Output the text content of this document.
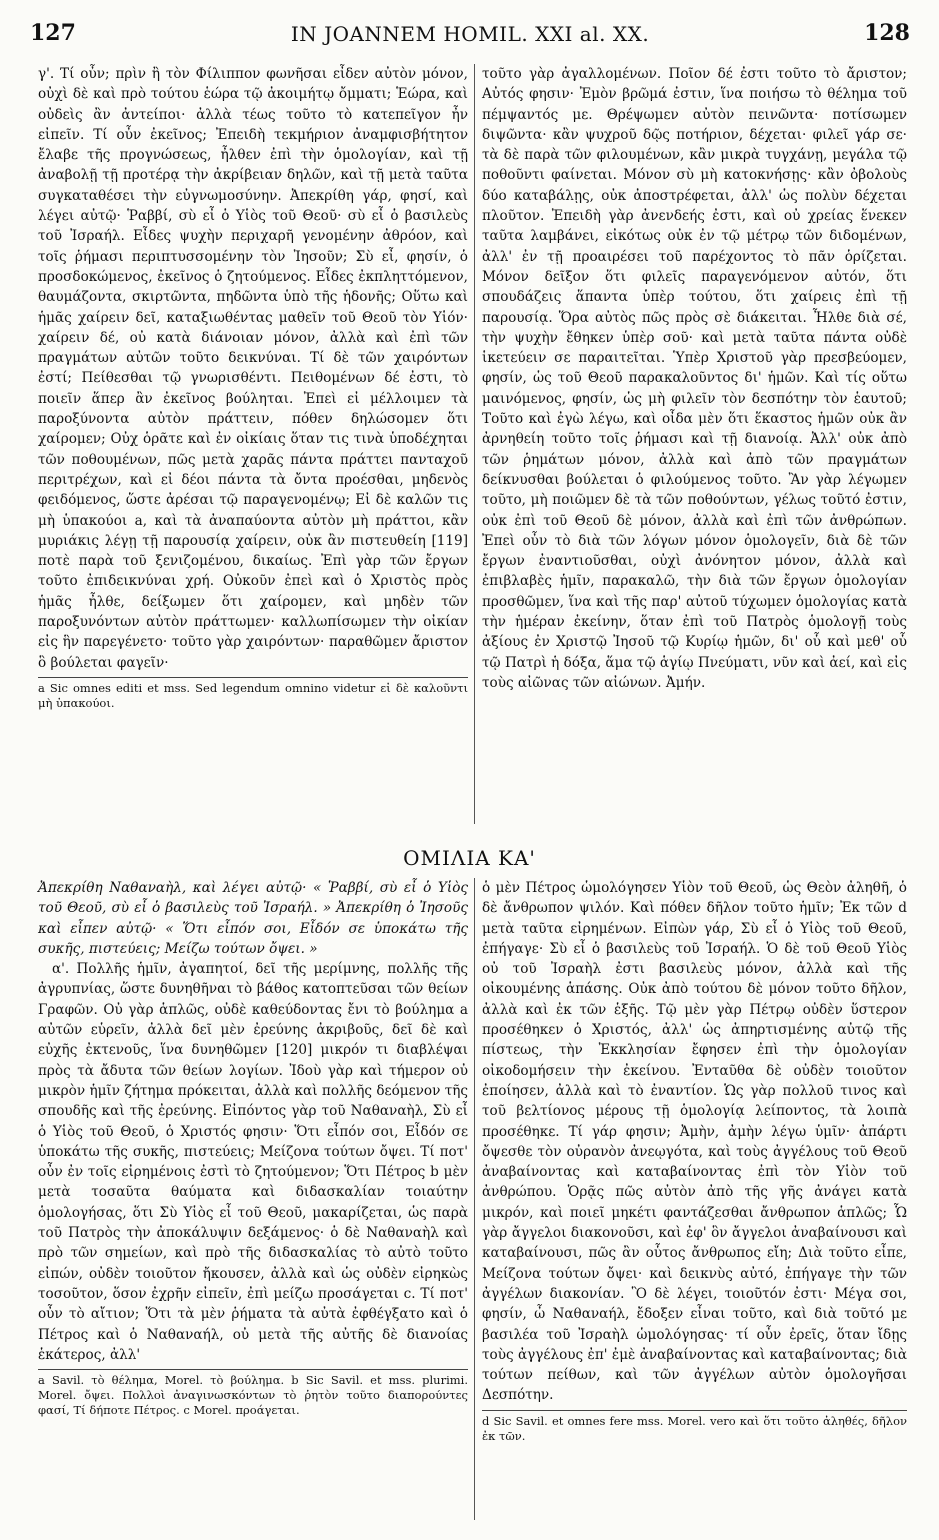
127	IN JOANNEM HOMIL. XXI al. XX.	128

γ'. Τί οὖν; πρὶν ἢ τὸν Φίλιππον φωνῆσαι εἶδεν αὐτὸν μόνον, οὐχὶ δὲ καὶ πρὸ τούτου ἑώρα τῷ ἀκοιμήτῳ ὄμματι; Ἑώρα, καὶ οὐδεὶς ἂν ἀντείποι· ἀλλὰ τέως τοῦτο τὸ κατεπεῖγον ἦν εἰπεῖν. Τί οὖν ἐκεῖνος; Ἐπειδὴ τεκμήριον ἀναμφισβήτητον ἔλαβε τῆς προγνώσεως, ἦλθεν ἐπὶ τὴν ὁμολογίαν, καὶ τῇ ἀναβολῇ τῇ προτέρᾳ τὴν ἀκρίβειαν δηλῶν, καὶ τῇ μετὰ ταῦτα συγκαταθέσει τὴν εὐγνωμοσύνην. Ἀπεκρίθη γάρ, φησί, καὶ λέγει αὐτῷ· Ῥαββί, σὺ εἶ ὁ Υἱὸς τοῦ Θεοῦ· σὺ εἶ ὁ βασιλεὺς τοῦ Ἰσραήλ. Εἶδες ψυχὴν περιχαρῆ γενομένην ἀθρόον, καὶ τοῖς ῥήμασι περιπτυσσομένην τὸν Ἰησοῦν; Σὺ εἶ, φησίν, ὁ προσδοκώμενος, ἐκεῖνος ὁ ζητούμενος. Εἶδες ἐκπληττόμενον, θαυμάζοντα, σκιρτῶντα, πηδῶντα ὑπὸ τῆς ἡδονῆς; Οὕτω καὶ ἡμᾶς χαίρειν δεῖ, καταξιωθέντας μαθεῖν τοῦ Θεοῦ τὸν Υἱόν· χαίρειν δέ, οὐ κατὰ διάνοιαν μόνον, ἀλλὰ καὶ ἐπὶ τῶν πραγμάτων αὐτῶν τοῦτο δεικνύναι. Τί δὲ τῶν χαιρόντων ἐστί; Πείθεσθαι τῷ γνωρισθέντι. Πειθομένων δέ ἐστι, τὸ ποιεῖν ἅπερ ἂν ἐκεῖνος βούληται. Ἐπεὶ εἰ μέλλοιμεν τὰ παροξύνοντα αὐτὸν πράττειν, πόθεν δηλώσομεν ὅτι χαίρομεν; Οὐχ ὁρᾶτε καὶ ἐν οἰκίαις ὅταν τις τινὰ ὑποδέχηται τῶν ποθουμένων, πῶς μετὰ χαρᾶς πάντα πράττει πανταχοῦ περιτρέχων, καὶ εἰ δέοι πάντα τὰ ὄντα προέσθαι, μηδενὸς φειδόμενος, ὥστε ἀρέσαι τῷ παραγενομένῳ; Εἰ δὲ καλῶν τις μὴ ὑπακούοι a, καὶ τὰ ἀναπαύοντα αὐτὸν μὴ πράττοι, κἂν μυριάκις λέγῃ τῇ παρουσίᾳ χαίρειν, οὐκ ἂν πιστευθείη [119] ποτὲ παρὰ τοῦ ξενιζομένου, δικαίως. Ἐπὶ γὰρ τῶν ἔργων τοῦτο ἐπιδεικνύναι χρή. Οὐκοῦν ἐπεὶ καὶ ὁ Χριστὸς πρὸς ἡμᾶς ἦλθε, δείξωμεν ὅτι χαίρομεν, καὶ μηδὲν τῶν παροξυνόντων αὐτὸν πράττωμεν· καλλωπίσωμεν τὴν οἰκίαν εἰς ἣν παρεγένετο· τοῦτο γὰρ χαιρόντων· παραθῶμεν ἄριστον ὃ βούλεται φαγεῖν·

a Sic omnes editi et mss. Sed legendum omnino videtur εἰ δὲ καλοῦντι μὴ ὑπακούοι.

τοῦτο γὰρ ἀγαλλομένων. Ποῖον δέ ἐστι τοῦτο τὸ ἄριστον; Αὐτός φησιν· Ἐμὸν βρῶμά ἐστιν, ἵνα ποιήσω τὸ θέλημα τοῦ πέμψαντός με. Θρέψωμεν αὐτὸν πεινῶντα· ποτίσωμεν διψῶντα· κἂν ψυχροῦ δῷς ποτήριον, δέχεται· φιλεῖ γάρ σε· τὰ δὲ παρὰ τῶν φιλουμένων, κἂν μικρὰ τυγχάνῃ, μεγάλα τῷ ποθοῦντι φαίνεται. Μόνον σὺ μὴ κατοκνήσῃς· κἂν ὀβολοὺς δύο καταβάλῃς, οὐκ ἀποστρέφεται, ἀλλ' ὡς πολὺν δέχεται πλοῦτον. Ἐπειδὴ γὰρ ἀνενδεής ἐστι, καὶ οὐ χρείας ἕνεκεν ταῦτα λαμβάνει, εἰκότως οὐκ ἐν τῷ μέτρῳ τῶν διδομένων, ἀλλ' ἐν τῇ προαιρέσει τοῦ παρέχοντος τὸ πᾶν ὁρίζεται. Μόνον δεῖξον ὅτι φιλεῖς παραγενόμενον αὐτόν, ὅτι σπουδάζεις ἅπαντα ὑπὲρ τούτου, ὅτι χαίρεις ἐπὶ τῇ παρουσίᾳ. Ὅρα αὐτὸς πῶς πρὸς σὲ διάκειται. Ἦλθε διὰ σέ, τὴν ψυχὴν ἔθηκεν ὑπὲρ σοῦ· καὶ μετὰ ταῦτα πάντα οὐδὲ ἱκετεύειν σε παραιτεῖται. Ὑπὲρ Χριστοῦ γὰρ πρεσβεύομεν, φησίν, ὡς τοῦ Θεοῦ παρακαλοῦντος δι' ἡμῶν. Καὶ τίς οὕτω μαινόμενος, φησίν, ὡς μὴ φιλεῖν τὸν δεσπότην τὸν ἑαυτοῦ; Τοῦτο καὶ ἐγὼ λέγω, καὶ οἶδα μὲν ὅτι ἕκαστος ἡμῶν οὐκ ἂν ἀρνηθείη τοῦτο τοῖς ῥήμασι καὶ τῇ διανοίᾳ. Ἀλλ' οὐκ ἀπὸ τῶν ῥημάτων μόνον, ἀλλὰ καὶ ἀπὸ τῶν πραγμάτων δείκνυσθαι βούλεται ὁ φιλούμενος τοῦτο. Ἂν γὰρ λέγωμεν τοῦτο, μὴ ποιῶμεν δὲ τὰ τῶν ποθούντων, γέλως τοῦτό ἐστιν, οὐκ ἐπὶ τοῦ Θεοῦ δὲ μόνον, ἀλλὰ καὶ ἐπὶ τῶν ἀνθρώπων. Ἐπεὶ οὖν τὸ διὰ τῶν λόγων μόνον ὁμολογεῖν, διὰ δὲ τῶν ἔργων ἐναντιοῦσθαι, οὐχὶ ἀνόνητον μόνον, ἀλλὰ καὶ ἐπιβλαβὲς ἡμῖν, παρακαλῶ, τὴν διὰ τῶν ἔργων ὁμολογίαν προσθῶμεν, ἵνα καὶ τῆς παρ' αὐτοῦ τύχωμεν ὁμολογίας κατὰ τὴν ἡμέραν ἐκείνην, ὅταν ἐπὶ τοῦ Πατρὸς ὁμολογῇ τοὺς ἀξίους ἐν Χριστῷ Ἰησοῦ τῷ Κυρίῳ ἡμῶν, δι' οὗ καὶ μεθ' οὗ τῷ Πατρὶ ἡ δόξα, ἅμα τῷ ἁγίῳ Πνεύματι, νῦν καὶ ἀεί, καὶ εἰς τοὺς αἰῶνας τῶν αἰώνων. Ἀμήν.

ΟΜΙΛΙΑ ΚΑ'

Ἀπεκρίθη Ναθαναὴλ, καὶ λέγει αὐτῷ· « Ῥαββί, σὺ εἶ ὁ Υἱὸς τοῦ Θεοῦ, σὺ εἶ ὁ βασιλεὺς τοῦ Ἰσραήλ. » Ἀπεκρίθη ὁ Ἰησοῦς καὶ εἶπεν αὐτῷ· « Ὅτι εἶπόν σοι, Εἶδόν σε ὑποκάτω τῆς συκῆς, πιστεύεις; Μείζω τούτων ὄψει. »

α'. Πολλῆς ἡμῖν, ἀγαπητοί, δεῖ τῆς μερίμνης, πολλῆς τῆς ἀγρυπνίας, ὥστε δυνηθῆναι τὸ βάθος κατοπτεῦσαι τῶν θείων Γραφῶν. Οὐ γὰρ ἁπλῶς, οὐδὲ καθεύδοντας ἔνι τὸ βούλημα a αὐτῶν εὑρεῖν, ἀλλὰ δεῖ μὲν ἐρεύνης ἀκριβοῦς, δεῖ δὲ καὶ εὐχῆς ἐκτενοῦς, ἵνα δυνηθῶμεν [120] μικρόν τι διαβλέψαι πρὸς τὰ ἄδυτα τῶν θείων λογίων. Ἰδοὺ γὰρ καὶ τήμερον οὐ μικρὸν ἡμῖν ζήτημα πρόκειται, ἀλλὰ καὶ πολλῆς δεόμενον τῆς σπουδῆς καὶ τῆς ἐρεύνης. Εἰπόντος γὰρ τοῦ Ναθαναὴλ, Σὺ εἶ ὁ Υἱὸς τοῦ Θεοῦ, ὁ Χριστός φησιν· Ὅτι εἶπόν σοι, Εἶδόν σε ὑποκάτω τῆς συκῆς, πιστεύεις; Μείζονα τούτων ὄψει. Τί ποτ' οὖν ἐν τοῖς εἰρημένοις ἐστὶ τὸ ζητούμενον; Ὅτι Πέτρος b μὲν μετὰ τοσαῦτα θαύματα καὶ διδασκαλίαν τοιαύτην ὁμολογήσας, ὅτι Σὺ Υἱὸς εἶ τοῦ Θεοῦ, μακαρίζεται, ὡς παρὰ τοῦ Πατρὸς τὴν ἀποκάλυψιν δεξάμενος· ὁ δὲ Ναθαναὴλ καὶ πρὸ τῶν σημείων, καὶ πρὸ τῆς διδασκαλίας τὸ αὐτὸ τοῦτο εἰπών, οὐδὲν τοιοῦτον ἤκουσεν, ἀλλὰ καὶ ὡς οὐδὲν εἰρηκὼς τοσοῦτον, ὅσον ἐχρῆν εἰπεῖν, ἐπὶ μείζω προσάγεται c. Τί ποτ' οὖν τὸ αἴτιον; Ὅτι τὰ μὲν ῥήματα τὰ αὐτὰ ἐφθέγξατο καὶ ὁ Πέτρος καὶ ὁ Ναθαναήλ, οὐ μετὰ τῆς αὐτῆς δὲ διανοίας ἑκάτερος, ἀλλ'

a Savil. τὸ θέλημα, Morel. τὸ βούλημα. b Sic Savil. et mss. plurimi. Morel. ὄψει. Πολλοὶ ἀναγινωσκόντων τὸ ῥητὸν τοῦτο διαπορούντες φασί, Τί δήποτε Πέτρος. c Morel. προάγεται.

ὁ μὲν Πέτρος ὡμολόγησεν Υἱὸν τοῦ Θεοῦ, ὡς Θεὸν ἀληθῆ, ὁ δὲ ἄνθρωπον ψιλόν. Καὶ πόθεν δῆλον τοῦτο ἡμῖν; Ἐκ τῶν d μετὰ ταῦτα εἰρημένων. Εἰπὼν γάρ, Σὺ εἶ ὁ Υἱὸς τοῦ Θεοῦ, ἐπήγαγε· Σὺ εἶ ὁ βασιλεὺς τοῦ Ἰσραήλ. Ὁ δὲ τοῦ Θεοῦ Υἱὸς οὐ τοῦ Ἰσραὴλ ἐστι βασιλεὺς μόνον, ἀλλὰ καὶ τῆς οἰκουμένης ἁπάσης. Οὐκ ἀπὸ τούτου δὲ μόνον τοῦτο δῆλον, ἀλλὰ καὶ ἐκ τῶν ἑξῆς. Τῷ μὲν γὰρ Πέτρῳ οὐδὲν ὕστερον προσέθηκεν ὁ Χριστός, ἀλλ' ὡς ἀπηρτισμένης αὐτῷ τῆς πίστεως, τὴν Ἐκκλησίαν ἔφησεν ἐπὶ τὴν ὁμολογίαν οἰκοδομήσειν τὴν ἐκείνου. Ἐνταῦθα δὲ οὐδὲν τοιοῦτον ἐποίησεν, ἀλλὰ καὶ τὸ ἐναντίον. Ὡς γὰρ πολλοῦ τινος καὶ τοῦ βελτίονος μέρους τῇ ὁμολογίᾳ λείποντος, τὰ λοιπὰ προσέθηκε. Τί γάρ φησιν; Ἀμὴν, ἀμὴν λέγω ὑμῖν· ἀπάρτι ὄψεσθε τὸν οὐρανὸν ἀνεῳγότα, καὶ τοὺς ἀγγέλους τοῦ Θεοῦ ἀναβαίνοντας καὶ καταβαίνοντας ἐπὶ τὸν Υἱὸν τοῦ ἀνθρώπου. Ὁρᾷς πῶς αὐτὸν ἀπὸ τῆς γῆς ἀνάγει κατὰ μικρόν, καὶ ποιεῖ μηκέτι φαντάζεσθαι ἄνθρωπον ἁπλῶς; Ὧ γὰρ ἄγγελοι διακονοῦσι, καὶ ἐφ' ὃν ἄγγελοι ἀναβαίνουσι καὶ καταβαίνουσι, πῶς ἂν οὗτος ἄνθρωπος εἴη; Διὰ τοῦτο εἶπε, Μείζονα τούτων ὄψει· καὶ δεικνὺς αὐτό, ἐπήγαγε τὴν τῶν ἀγγέλων διακονίαν. Ὃ δὲ λέγει, τοιοῦτόν ἐστι· Μέγα σοι, φησίν, ὦ Ναθαναήλ, ἔδοξεν εἶναι τοῦτο, καὶ διὰ τοῦτό με βασιλέα τοῦ Ἰσραὴλ ὡμολόγησας· τί οὖν ἐρεῖς, ὅταν ἴδῃς τοὺς ἀγγέλους ἐπ' ἐμὲ ἀναβαίνοντας καὶ καταβαίνοντας; διὰ τούτων πείθων, καὶ τῶν ἀγγέλων αὐτὸν ὁμολογῆσαι Δεσπότην.

d Sic Savil. et omnes fere mss. Morel. vero καὶ ὅτι τοῦτο ἀληθές, δῆλον ἐκ τῶν.
